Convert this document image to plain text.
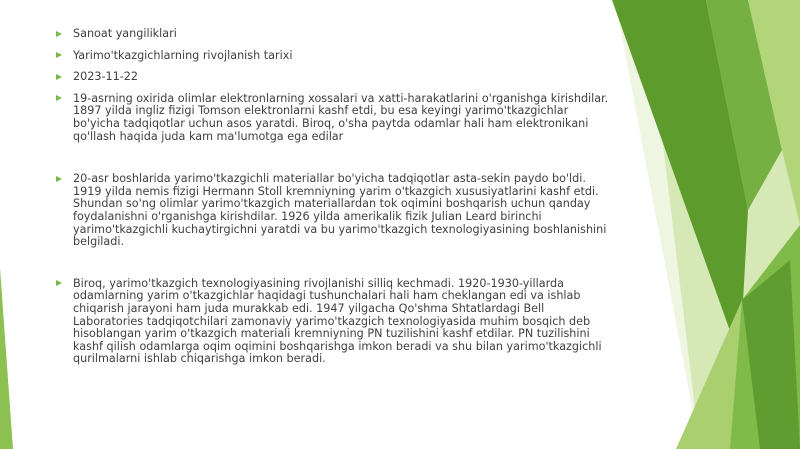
Sanoat yangiliklari
Yarimo'tkazgichlarning rivojlanish tarixi
2023-11-22
19-asrning oxirida olimlar elektronlarning xossalari va xatti-harakatlarini o'rganishga kirishdilar. 1897 yilda ingliz fizigi Tomson elektronlarni kashf etdi, bu esa keyingi yarimo'tkazgichlar bo'yicha tadqiqotlar uchun asos yaratdi. Biroq, o'sha paytda odamlar hali ham elektronikani qo'llash haqida juda kam ma'lumotga ega edilar
20-asr boshlarida yarimo'tkazgichli materiallar bo'yicha tadqiqotlar asta-sekin paydo bo'ldi. 1919 yilda nemis fizigi Hermann Stoll kremniyning yarim o'tkazgich xususiyatlarini kashf etdi. Shundan so'ng olimlar yarimo'tkazgich materiallardan tok oqimini boshqarish uchun qanday foydalanishni o'rganishga kirishdilar. 1926 yilda amerikalik fizik Julian Leard birinchi yarimo'tkazgichli kuchaytirgichni yaratdi va bu yarimo'tkazgich texnologiyasining boshlanishini belgiladi.
Biroq, yarimo'tkazgich texnologiyasining rivojlanishi silliq kechmadi. 1920-1930-yillarda odamlarning yarim o'tkazgichlar haqidagi tushunchalari hali ham cheklangan edi va ishlab chiqarish jarayoni ham juda murakkab edi. 1947 yilgacha Qo'shma Shtatlardagi Bell Laboratories tadqiqotchilari zamonaviy yarimo'tkazgich texnologiyasida muhim bosqich deb hisoblangan yarim o'tkazgich materiali kremniyning PN tuzilishini kashf etdilar. PN tuzilishini kashf qilish odamlarga oqim oqimini boshqarishga imkon beradi va shu bilan yarimo'tkazgichli qurilmalarni ishlab chiqarishga imkon beradi.
